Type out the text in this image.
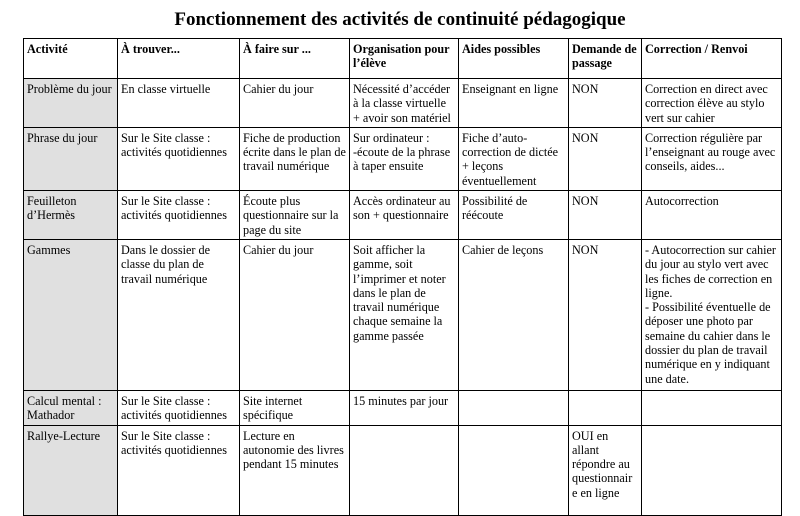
Fonctionnement des activités de continuité pédagogique
Activité	À trouver...	À faire sur ...	Organisation pour l’élève	Aides possibles	Demande de passage	Correction / Renvoi
Problème du jour	En classe virtuelle	Cahier du jour	Nécessité d’accéder à la classe virtuelle + avoir son matériel	Enseignant en ligne	NON	Correction en direct avec correction élève au stylo vert sur cahier
Phrase du jour	Sur le Site classe : activités quotidiennes	Fiche de production écrite dans le plan de travail numérique	Sur ordinateur : -écoute de la phrase à taper ensuite	Fiche d’auto-correction de dictée + leçons éventuellement	NON	Correction régulière par l’enseignant au rouge avec conseils, aides...
Feuilleton d’Hermès	Sur le Site classe : activités quotidiennes	Écoute plus questionnaire sur la page du site	Accès ordinateur au son + questionnaire	Possibilité de réécoute	NON	Autocorrection
Gammes	Dans le dossier de classe du plan de travail numérique	Cahier du jour	Soit afficher la gamme, soit l’imprimer et noter dans le plan de travail numérique chaque semaine la gamme passée	Cahier de leçons	NON	- Autocorrection sur cahier du jour au stylo vert avec les fiches de correction en ligne.
- Possibilité éventuelle de déposer une photo par semaine du cahier dans le dossier du plan de travail numérique en y indiquant une date.
Calcul mental : Mathador	Sur le Site classe : activités quotidiennes	Site internet spécifique	15 minutes par jour			
Rallye-Lecture	Sur le Site classe : activités quotidiennes	Lecture en autonomie des livres pendant 15 minutes			OUI en allant répondre au questionnair e en ligne	
